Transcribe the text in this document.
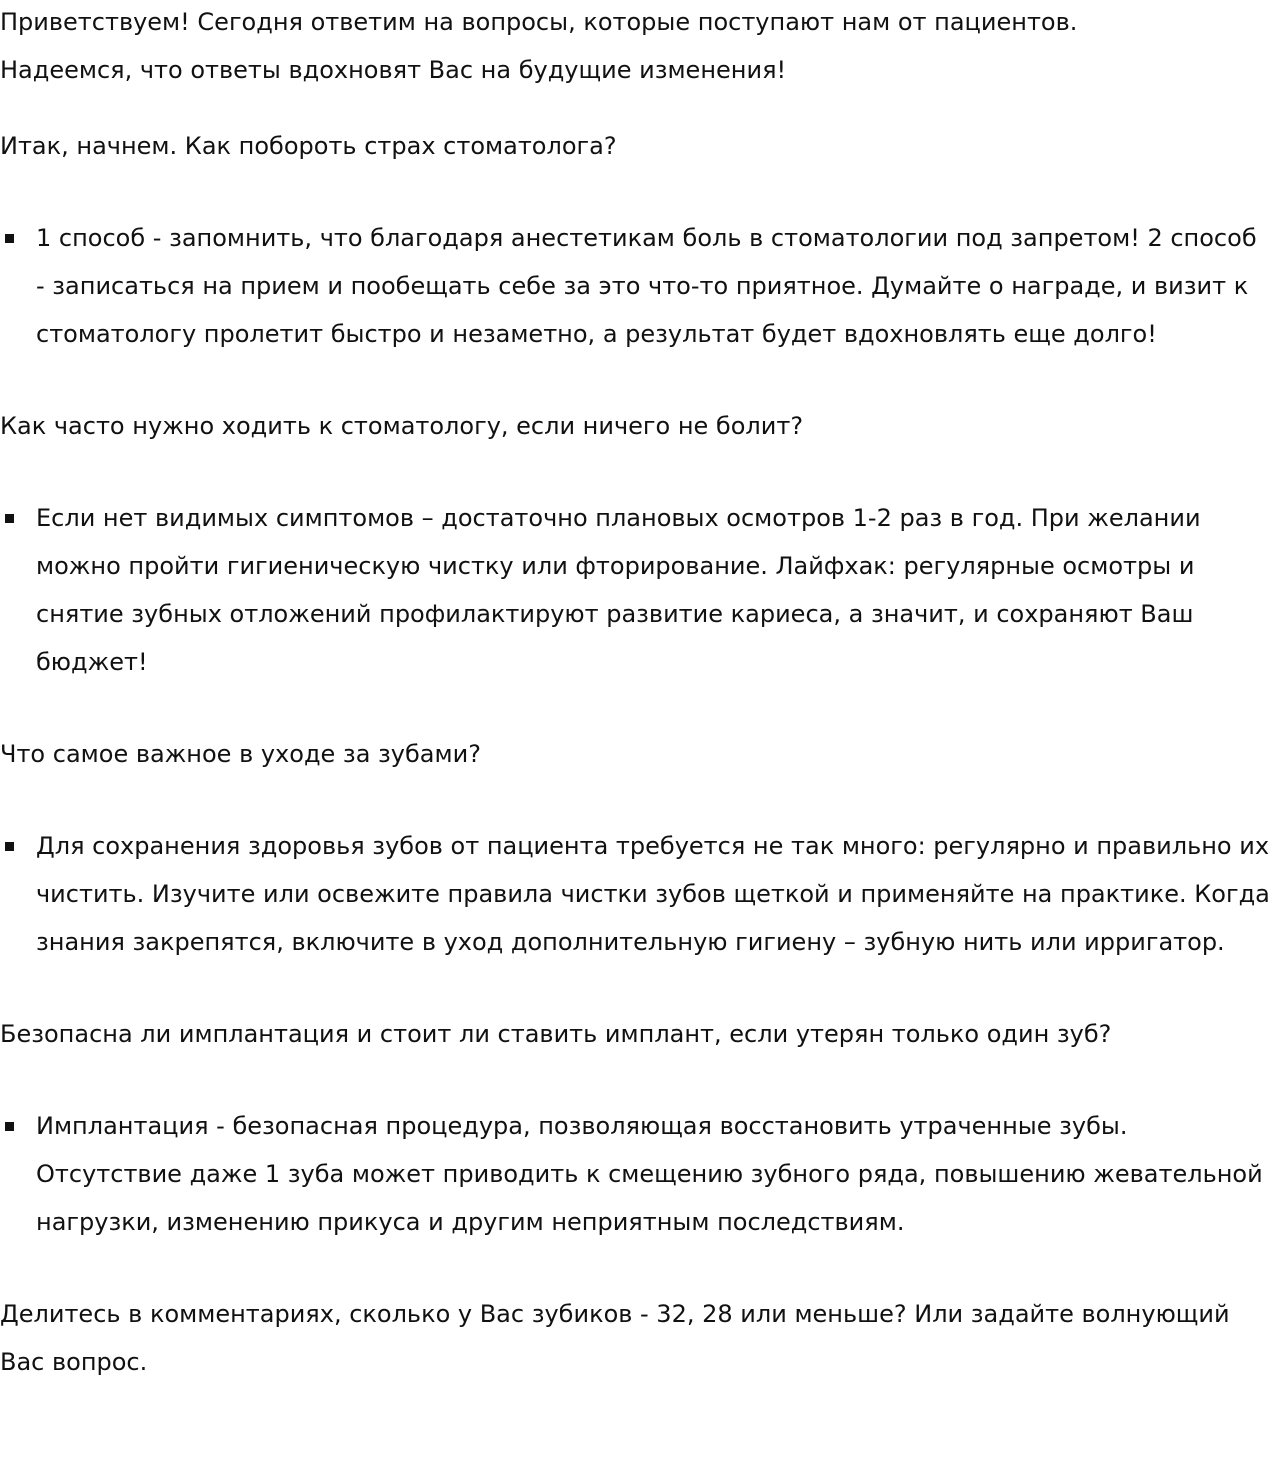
Приветствуем! Сегодня ответим на вопросы, которые поступают нам от пациентов.
Надеемся, что ответы вдохновят Вас на будущие изменения!

Итак, начнем. Как побороть страх стоматолога?

1 способ - запомнить, что благодаря анестетикам боль в стоматологии под запретом! 2 способ - записаться на прием и пообещать себе за это что-то приятное. Думайте о награде, и визит к стоматологу пролетит быстро и незаметно, а результат будет вдохновлять еще долго!

Как часто нужно ходить к стоматологу, если ничего не болит?

Если нет видимых симптомов – достаточно плановых осмотров 1-2 раз в год. При желании можно пройти гигиеническую чистку или фторирование. Лайфхак: регулярные осмотры и снятие зубных отложений профилактируют развитие кариеса, а значит, и сохраняют Ваш бюджет!

Что самое важное в уходе за зубами?

Для сохранения здоровья зубов от пациента требуется не так много: регулярно и правильно их чистить. Изучите или освежите правила чистки зубов щеткой и применяйте на практике. Когда знания закрепятся, включите в уход дополнительную гигиену – зубную нить или ирригатор.

Безопасна ли имплантация и стоит ли ставить имплант, если утерян только один зуб?

Имплантация - безопасная процедура, позволяющая восстановить утраченные зубы. Отсутствие даже 1 зуба может приводить к смещению зубного ряда, повышению жевательной нагрузки, изменению прикуса и другим неприятным последствиям.

Делитесь в комментариях, сколько у Вас зубиков - 32, 28 или меньше? Или задайте волнующий Вас вопрос.
